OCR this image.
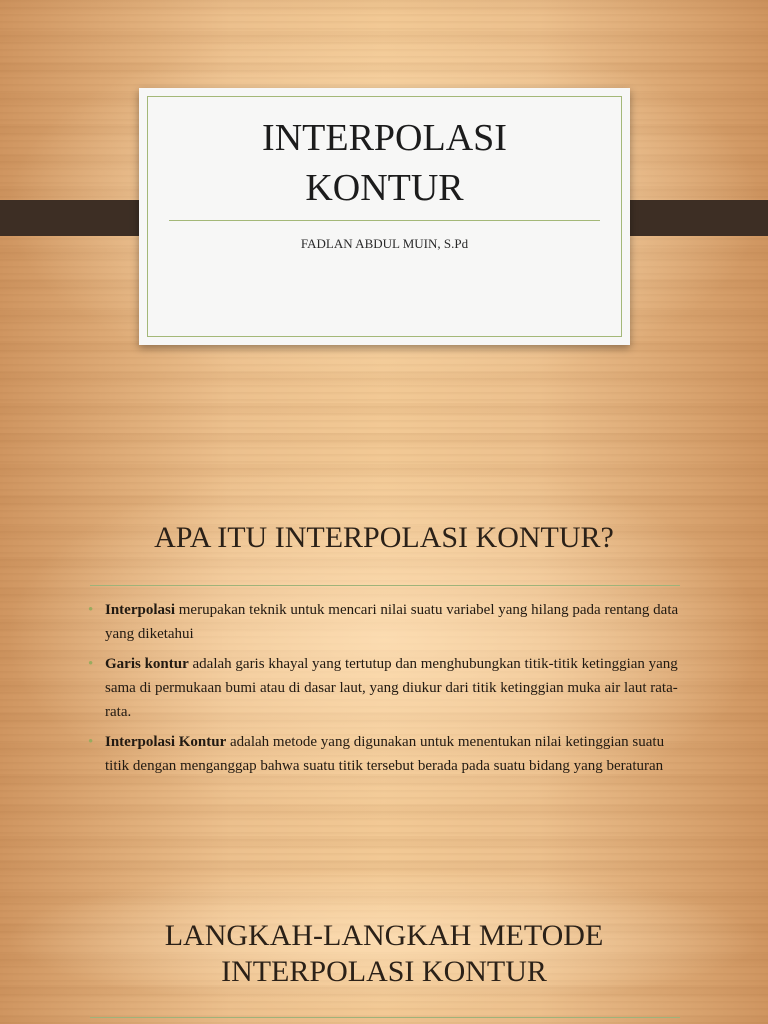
INTERPOLASI
KONTUR
FADLAN ABDUL MUIN, S.Pd
APA ITU INTERPOLASI KONTUR?
• Interpolasi merupakan teknik untuk mencari nilai suatu variabel yang hilang pada rentang data yang diketahui
• Garis kontur adalah garis khayal yang tertutup dan menghubungkan titik-titik ketinggian yang sama di permukaan bumi atau di dasar laut, yang diukur dari titik ketinggian muka air laut rata-rata.
• Interpolasi Kontur adalah metode yang digunakan untuk menentukan nilai ketinggian suatu titik dengan menganggap bahwa suatu titik tersebut berada pada suatu bidang yang beraturan
LANGKAH-LANGKAH METODE
INTERPOLASI KONTUR
